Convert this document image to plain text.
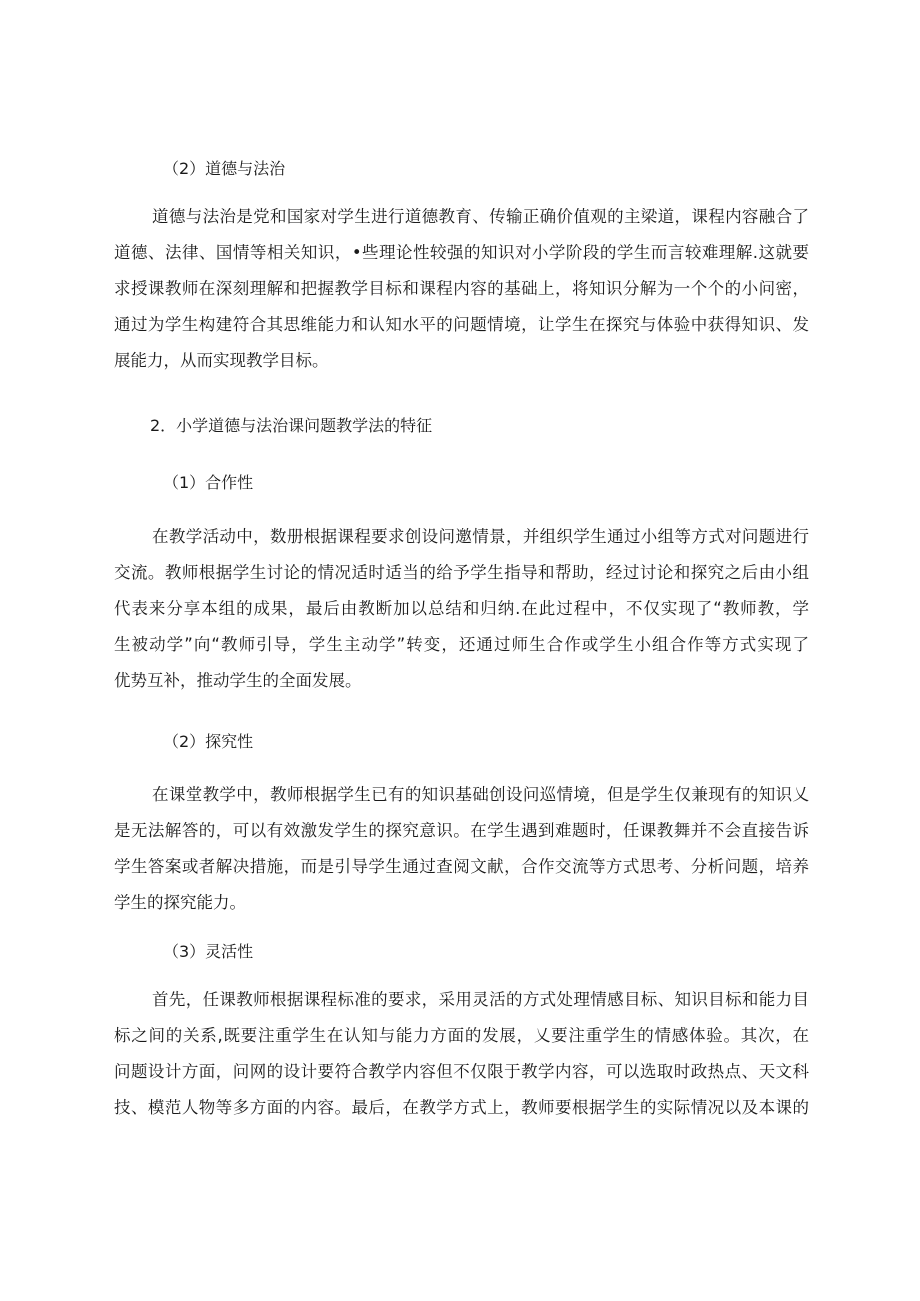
（2）道德与法治
道德与法治是党和国家对学生进行道德教育、传输正确价值观的主梁道，课程内容融合了
道德、法律、国情等相关知识，•些理论性较强的知识对小学阶段的学生而言较难理解.这就要
求授课教师在深刻理解和把握教学目标和课程内容的基础上，将知识分解为一个个的小问密，
通过为学生构建符合其思维能力和认知水平的问题情境，让学生在探究与体验中获得知识、发
展能力，从而实现教学目标。
2．小学道德与法治课问题教学法的特征
（1）合作性
在教学活动中，数册根据课程要求创设问邀情景，并组织学生通过小组等方式对问题进行
交流。教师根据学生讨论的情况适时适当的给予学生指导和帮助，经过讨论和探究之后由小组
代表来分享本组的成果，最后由教断加以总结和归纳.在此过程中，不仅实现了“教师教，学
生被动学”向“教师引导，学生主动学”转变，还通过师生合作或学生小组合作等方式实现了
优势互补，推动学生的全面发展。
（2）探究性
在课堂教学中，教师根据学生已有的知识基础创设问巡情境，但是学生仅兼现有的知识乂
是无法解答的，可以有效激发学生的探究意识。在学生遇到难题时，任课教舞并不会直接告诉
学生答案或者解决措施，而是引导学生通过查阅文献，合作交流等方式思考、分析问题，培养
学生的探究能力。
（3）灵活性
首先，任课教师根据课程标准的要求，采用灵活的方式处理情感目标、知识目标和能力目
标之间的关系,既要注重学生在认知与能力方面的发展，乂要注重学生的情感体验。其次，在
问题设计方面，问网的设计要符合教学内容但不仅限于教学内容，可以选取时政热点、天文科
技、模范人物等多方面的内容。最后，在教学方式上，教师要根据学生的实际情况以及本课的
